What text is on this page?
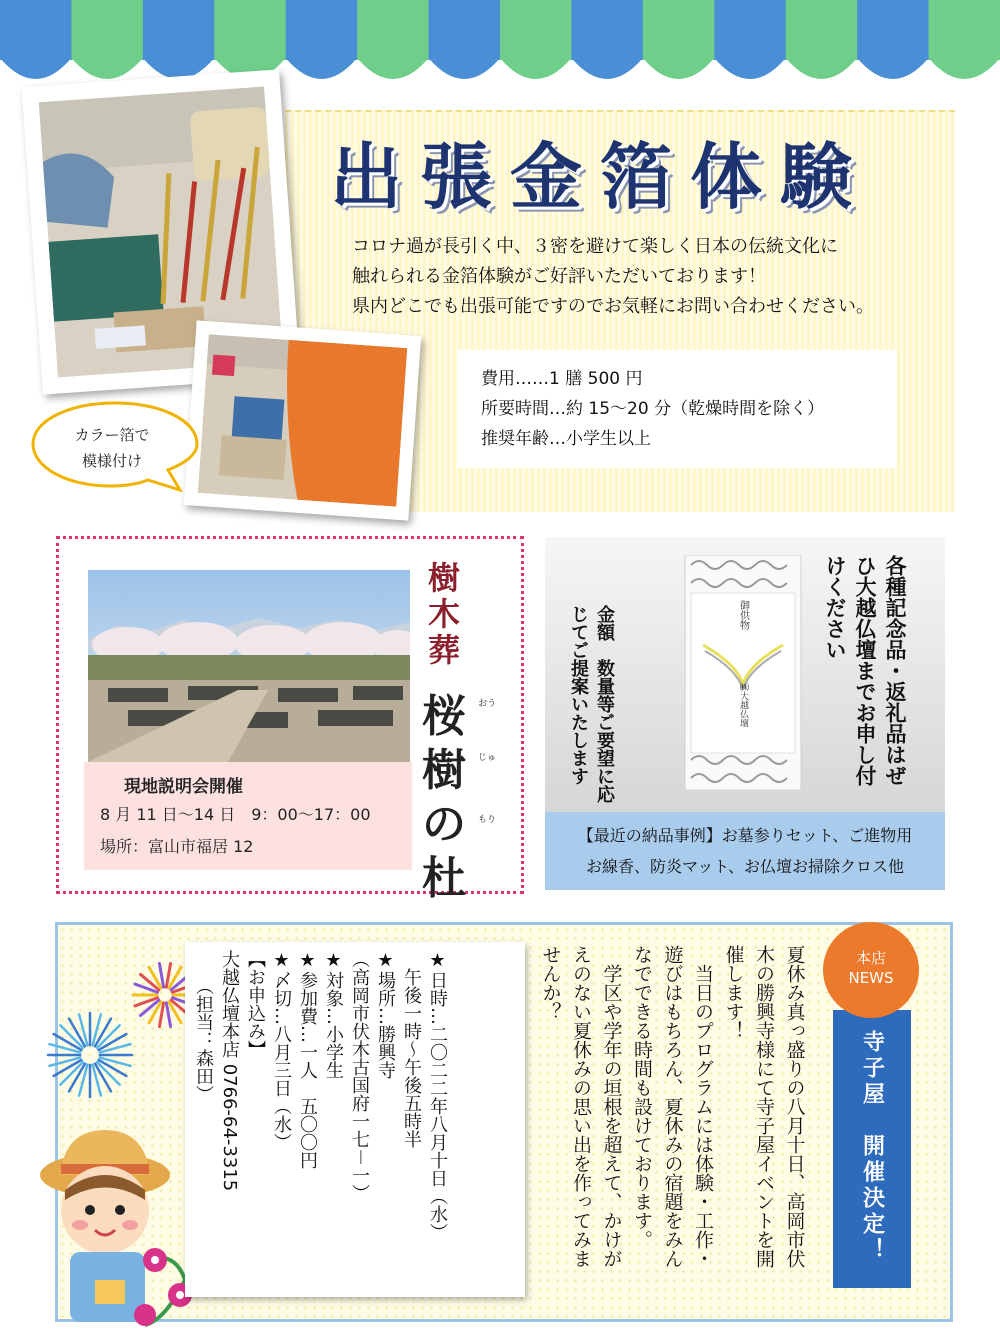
カラー箔で
模様付け
出張金箔体験
コロナ過が長引く中、３密を避けて楽しく日本の伝統文化に
触れられる金箔体験がご好評いただいております！
県内どこでも出張可能ですのでお気軽にお問い合わせください。
費用……1 膳 500 円
所要時間…約 15～20 分（乾燥時間を除く）
推奨年齢…小学生以上
現地説明会開催
8 月 11 日～14 日　9：00～17：00
場所：富山市福居 12
樹木葬
桜樹の杜
おう
じゅ
もり
御供物
㈱大越仏壇	各種記念品・返礼品はぜひ大越仏壇までお申し付けください
金額　数量等ご要望に応じてご提案いたします
【最近の納品事例】お墓参りセット、ご進物用
お線香、防炎マット、お仏壇お掃除クロス他
★日時…二〇二二年八月十日（水）
　午後一時～午後五時半
★場所…勝興寺
（高岡市伏木古国府一七－一）
★対象…小学生
★参加費…一人　五〇〇円
★〆切…八月三日（水）
【お申込み】
大越仏壇本店 0766-64-3315
　　（担当：森田）	夏休み真っ盛りの八月十日、高岡市伏木の勝興寺様にて寺子屋イベントを開催します！
　当日のプログラムには体験・工作・遊びはもちろん、夏休みの宿題をみんなでできる時間も設けております。
　学区や学年の垣根を超えて、かけがえのない夏休みの思い出を作ってみませんか？
寺子屋　開催決定！
本店
NEWS
